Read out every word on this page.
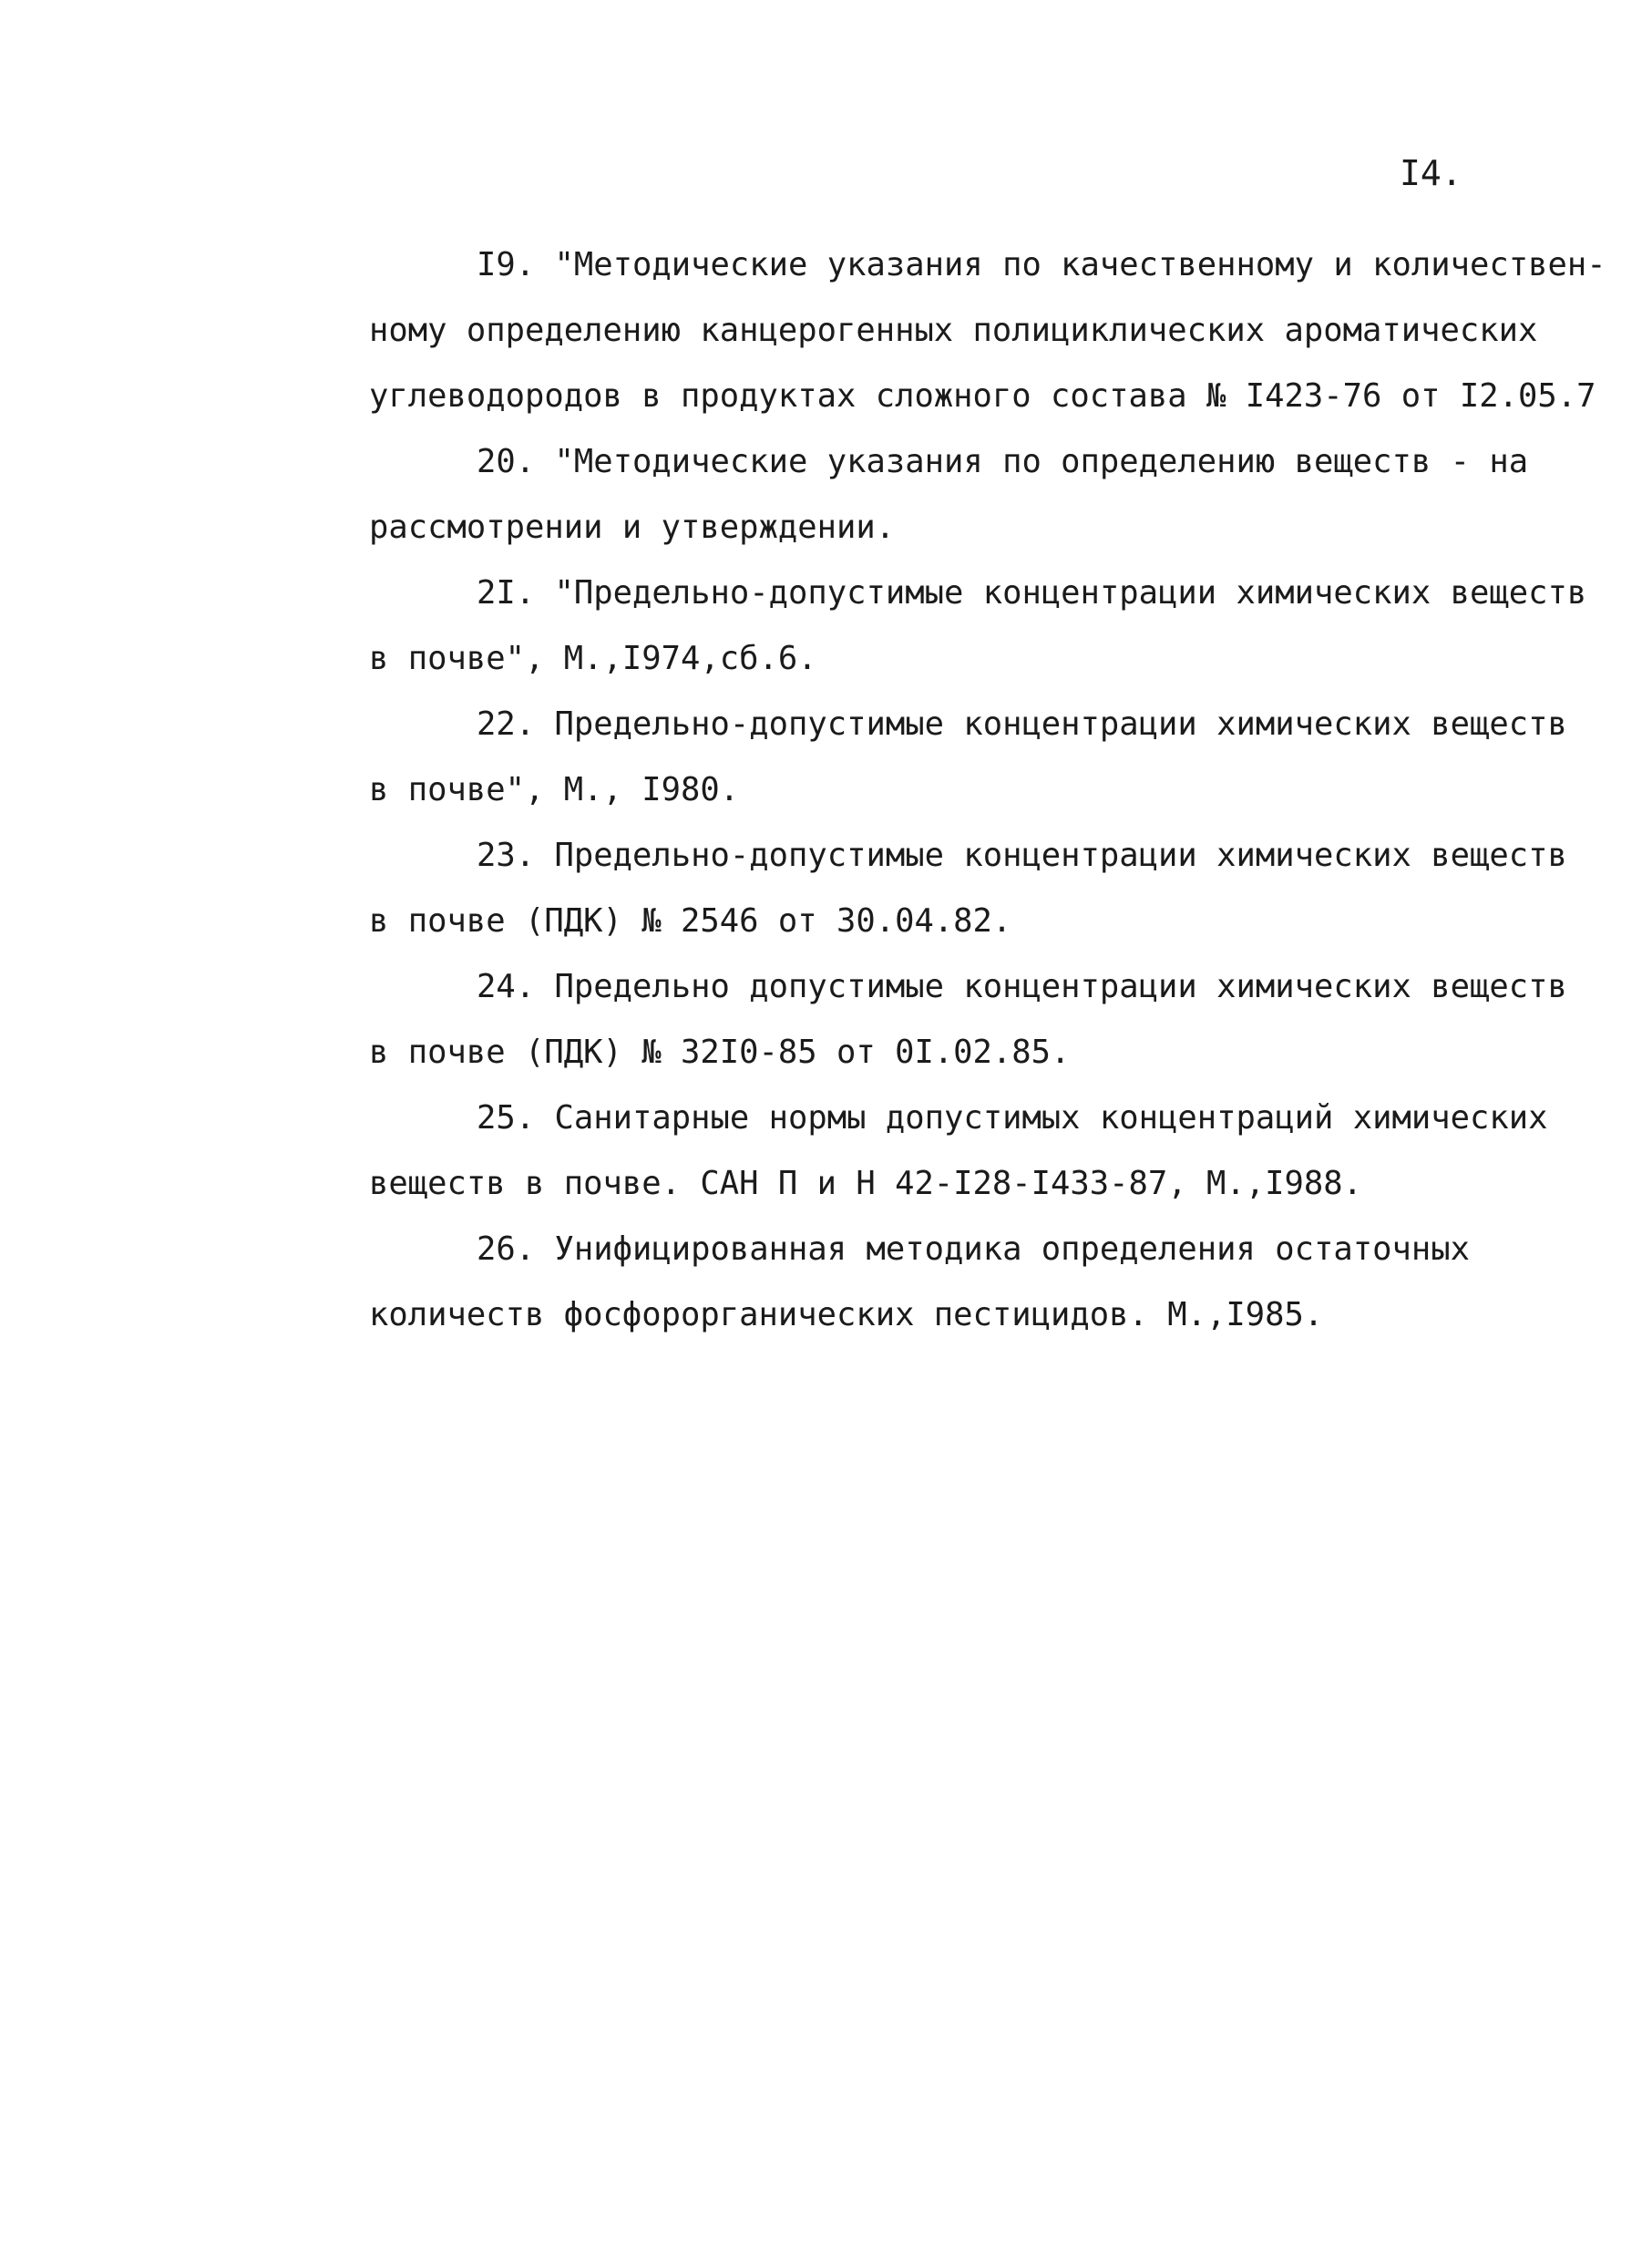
I4.
I9. "Методические указания по качественному и количествен-
ному определению канцерогенных полициклических ароматических
углеводородов в продуктах сложного состава № I423-76 от I2.05.7
20. "Методические указания по определению веществ - на
рассмотрении и утверждении.
2I. "Предельно-допустимые концентрации химических веществ
в почве", М.,I974,сб.6.
22. Предельно-допустимые концентрации химических веществ
в почве", М., I980.
23. Предельно-допустимые концентрации химических веществ
в почве (ПДК) № 2546 от 30.04.82.
24. Предельно допустимые концентрации химических веществ
в почве (ПДК) № 32I0-85 от 0I.02.85.
25. Санитарные нормы допустимых концентраций химических
веществ в почве. САН П и Н 42-I28-I433-87, М.,I988.
26. Унифицированная методика определения остаточных
количеств фосфорорганических пестицидов. М.,I985.
